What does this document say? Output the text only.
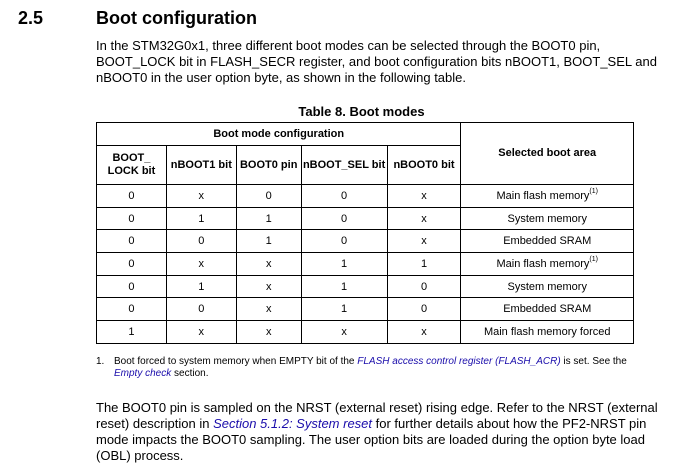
2.5	Boot configuration

In the STM32G0x1, three different boot modes can be selected through the BOOT0 pin, BOOT_LOCK bit in FLASH_SECR register, and boot configuration bits nBOOT1, BOOT_SEL and nBOOT0 in the user option byte, as shown in the following table.

Table 8. Boot modes
Boot mode configuration					Selected boot area
BOOT_ LOCK bit	nBOOT1 bit	BOOT0 pin	nBOOT_SEL bit	nBOOT0 bit	
0	x	0	0	x	Main flash memory$^{(1)}$
0	1	1	0	x	System memory
0	0	1	0	x	Embedded SRAM
0	x	x	1	1	Main flash memory$^{(1)}$
0	1	x	1	0	System memory
0	0	x	1	0	Embedded SRAM
1	x	x	x	x	Main flash memory forced
1. Boot forced to system memory when EMPTY bit of the FLASH access control register (FLASH_ACR) is set. See the Empty check section.

The BOOT0 pin is sampled on the NRST (external reset) rising edge. Refer to the NRST (external reset) description in Section 5.1.2: System reset for further details about how the PF2-NRST pin mode impacts the BOOT0 sampling. The user option bits are loaded during the option byte load (OBL) process.
